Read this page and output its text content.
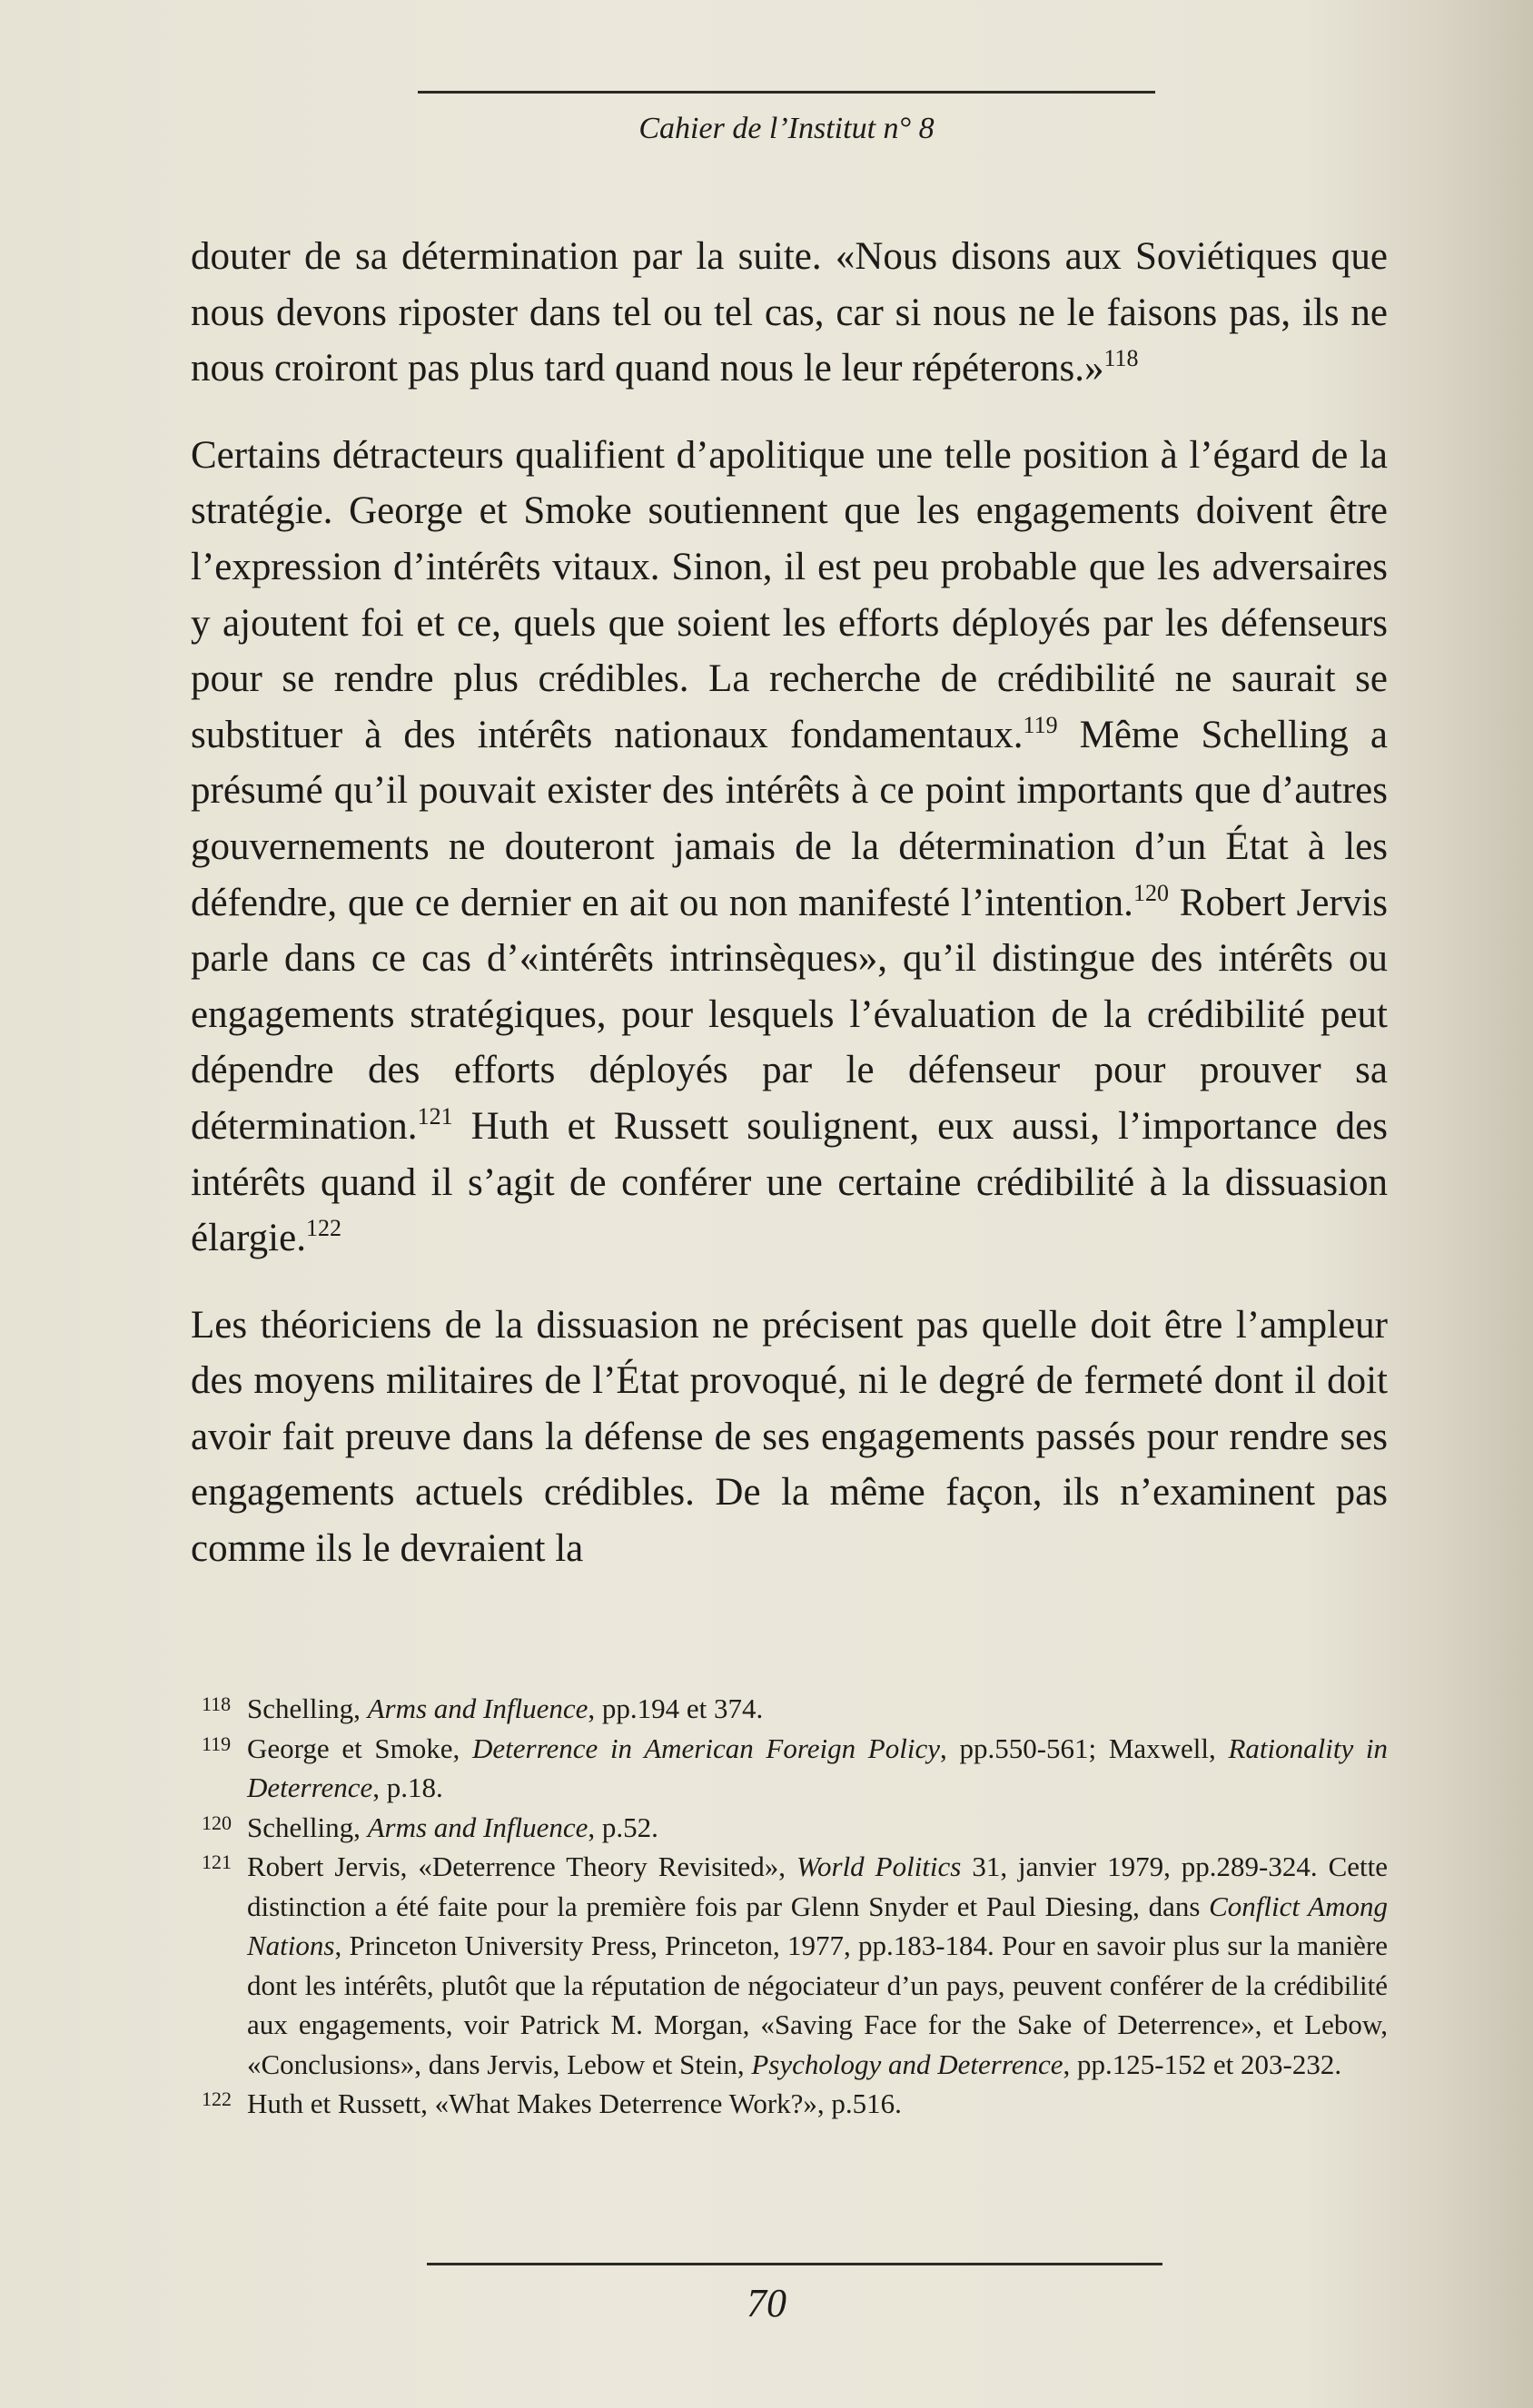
Cahier de l’Institut n° 8

douter de sa détermination par la suite. «Nous disons aux Soviétiques que nous devons riposter dans tel ou tel cas, car si nous ne le faisons pas, ils ne nous croiront pas plus tard quand nous le leur répéterons.»$^{118}$

Certains détracteurs qualifient d’apolitique une telle position à l’égard de la stratégie. George et Smoke soutiennent que les engagements doivent être l’expression d’intérêts vitaux. Sinon, il est peu probable que les adversaires y ajoutent foi et ce, quels que soient les efforts déployés par les défenseurs pour se rendre plus crédibles. La recherche de crédibilité ne saurait se substituer à des intérêts nationaux fondamentaux.$^{119}$ Même Schelling a présumé qu’il pouvait exister des intérêts à ce point importants que d’autres gouvernements ne douteront jamais de la détermination d’un État à les défendre, que ce dernier en ait ou non manifesté l’intention.$^{120}$ Robert Jervis parle dans ce cas d’«intérêts intrinsèques», qu’il distingue des intérêts ou engagements stratégiques, pour lesquels l’évaluation de la crédibilité peut dépendre des efforts déployés par le défenseur pour prouver sa détermination.$^{121}$ Huth et Russett soulignent, eux aussi, l’importance des intérêts quand il s’agit de conférer une certaine crédibilité à la dissuasion élargie.$^{122}$

Les théoriciens de la dissuasion ne précisent pas quelle doit être l’ampleur des moyens militaires de l’État provoqué, ni le degré de fermeté dont il doit avoir fait preuve dans la défense de ses engagements passés pour rendre ses engagements actuels crédibles. De la même façon, ils n’examinent pas comme ils le devraient la

118 Schelling, Arms and Influence, pp.194 et 374.
119 George et Smoke, Deterrence in American Foreign Policy, pp.550-561; Maxwell, Rationality in Deterrence, p.18.
120 Schelling, Arms and Influence, p.52.
121 Robert Jervis, «Deterrence Theory Revisited», World Politics 31, janvier 1979, pp.289-324. Cette distinction a été faite pour la première fois par Glenn Snyder et Paul Diesing, dans Conflict Among Nations, Princeton University Press, Princeton, 1977, pp.183-184. Pour en savoir plus sur la manière dont les intérêts, plutôt que la réputation de négociateur d’un pays, peuvent conférer de la crédibilité aux engagements, voir Patrick M. Morgan, «Saving Face for the Sake of Deterrence», et Lebow, «Conclusions», dans Jervis, Lebow et Stein, Psychology and Deterrence, pp.125-152 et 203-232.
122 Huth et Russett, «What Makes Deterrence Work?», p.516.
70
